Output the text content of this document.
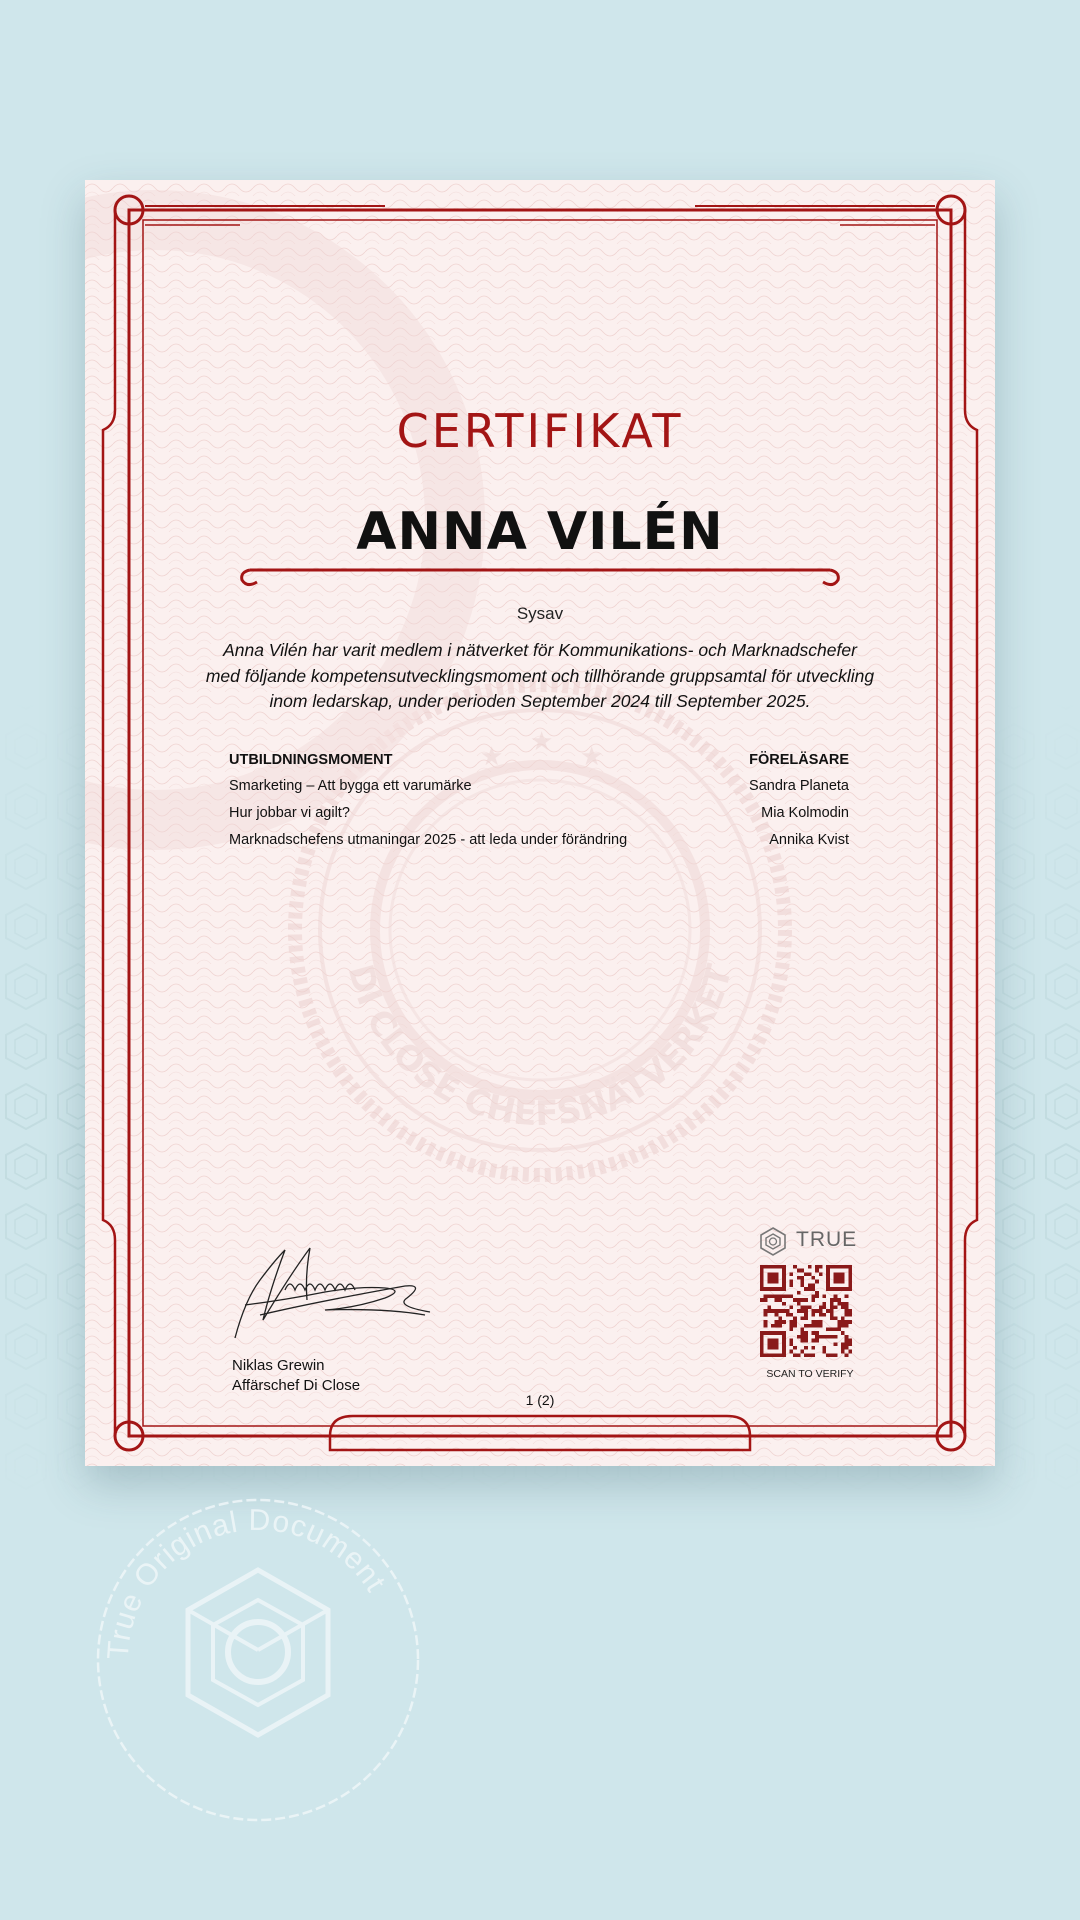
DI CLOSE CHEFSNÄTVERKET
★ ★ ★
CERTIFIKAT
ANNA VILÉN
Sysav
Anna Vilén har varit medlem i nätverket för Kommunikations- och Marknadschefer med följande kompetensutvecklingsmoment och tillhörande gruppsamtal för utveckling inom ledarskap, under perioden September 2024 till September 2025.
UTBILDNINGSMOMENT	FÖRELÄSARE
Smarketing – Att bygga ett varumärke	Sandra Planeta
Hur jobbar vi agilt?	Mia Kolmodin
Marknadschefens utmaningar 2025 - att leda under förändring	Annika Kvist
Niklas Grewin
Affärschef Di Close
1 (2)
TRUE
SCAN TO VERIFY
True Original Document
